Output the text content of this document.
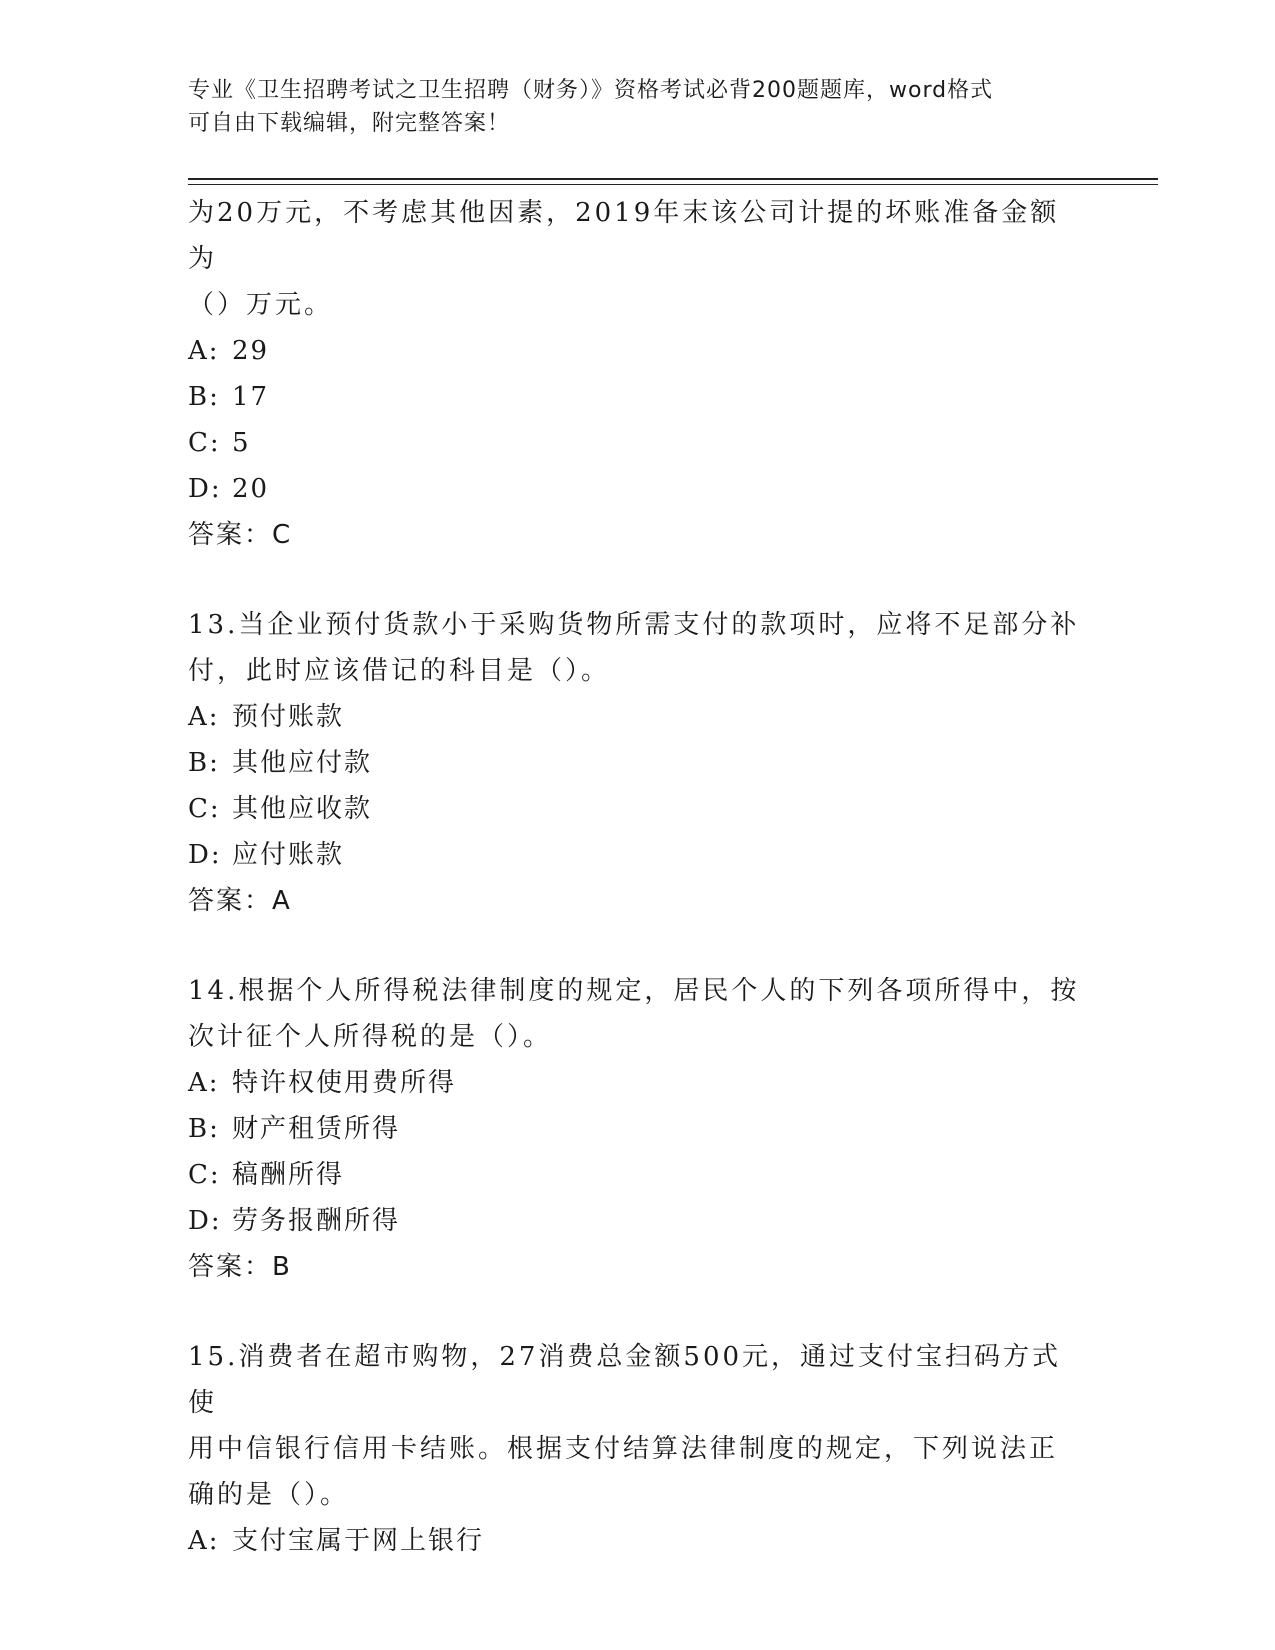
专业《卫生招聘考试之卫生招聘（财务）》资格考试必背200题题库，word格式
可自由下载编辑，附完整答案！

为20万元，不考虑其他因素，2019年末该公司计提的坏账准备金额为

（）万元。

A: 29

B: 17

C: 5

D: 20

答案：C

13.当企业预付货款小于采购货物所需支付的款项时，应将不足部分补

付，此时应该借记的科目是（）。

A: 预付账款

B: 其他应付款

C: 其他应收款

D: 应付账款

答案：A

14.根据个人所得税法律制度的规定，居民个人的下列各项所得中，按

次计征个人所得税的是（）。

A: 特许权使用费所得

B: 财产租赁所得

C: 稿酬所得

D: 劳务报酬所得

答案：B

15.消费者在超市购物，27消费总金额500元，通过支付宝扫码方式使

用中信银行信用卡结账。根据支付结算法律制度的规定，下列说法正

确的是（）。

A: 支付宝属于网上银行
